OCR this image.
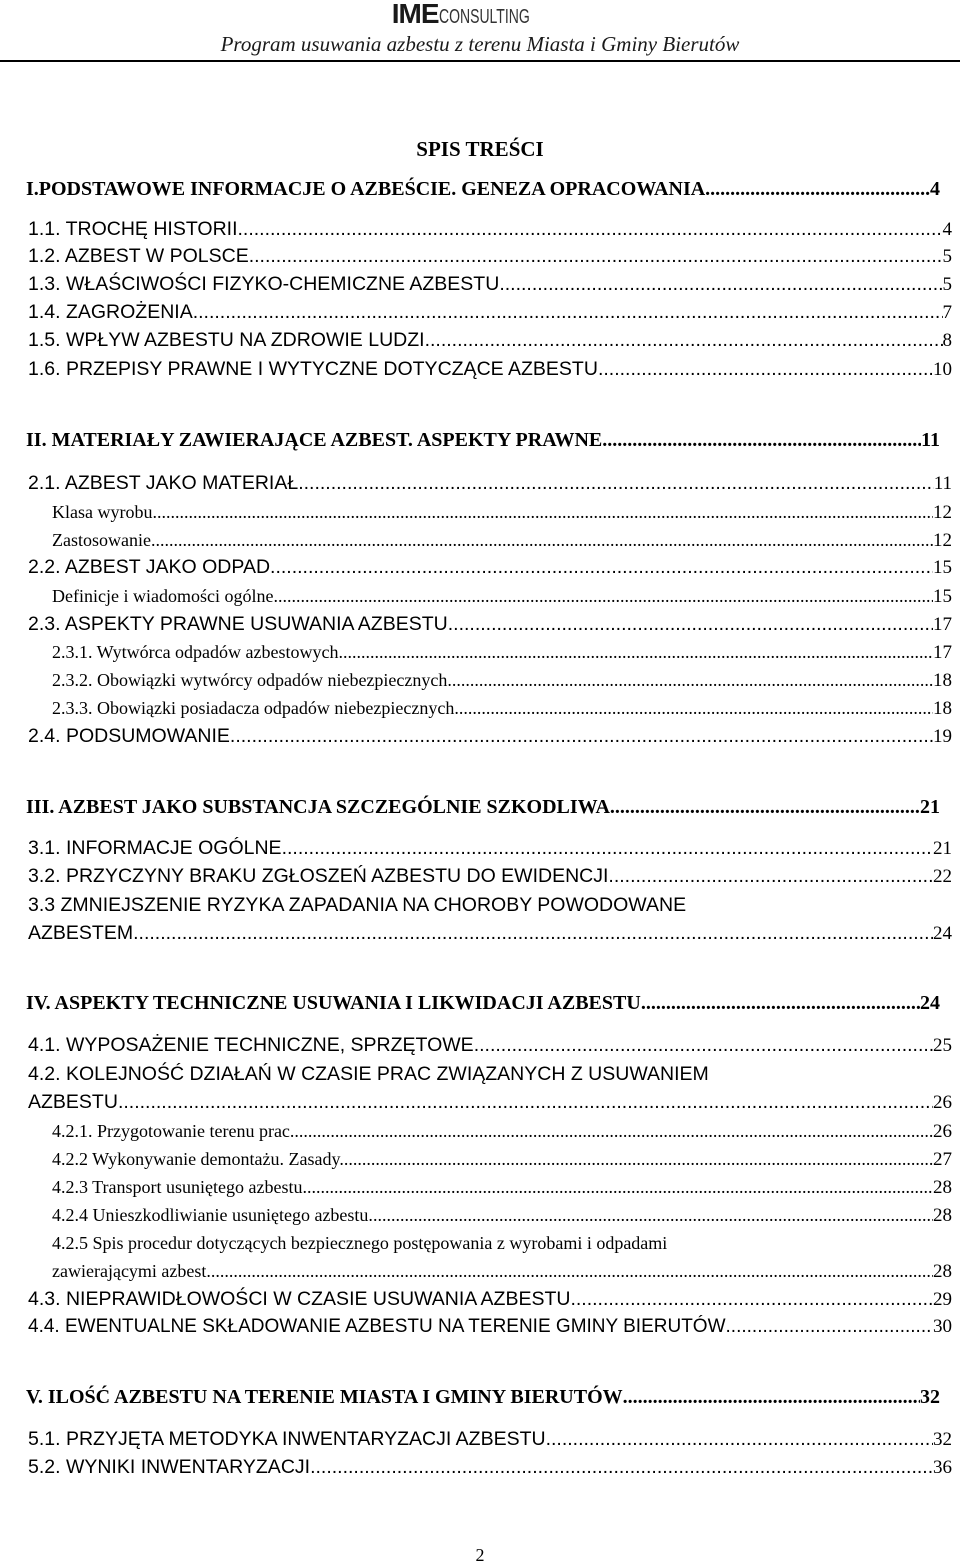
IMECONSULTING
Program usuwania azbestu z terenu Miasta i Gminy Bierutów
SPIS TREŚCI
I.PODSTAWOWE INFORMACJE O AZBEŚCIE. GENEZA OPRACOWANIA. .....	4
1.1. TROCHĘ HISTORII .....	4
1.2. AZBEST W POLSCE .....	5
1.3. WŁAŚCIWOŚCI FIZYKO-CHEMICZNE AZBESTU .....	5
1.4. ZAGROŻENIA .....	7
1.5. WPŁYW AZBESTU NA ZDROWIE LUDZI .....	8
1.6. PRZEPISY PRAWNE I WYTYCZNE DOTYCZĄCE AZBESTU .....	10
II. MATERIAŁY ZAWIERAJĄCE AZBEST. ASPEKTY PRAWNE. .....	11
2.1. AZBEST JAKO MATERIAŁ .....	11
Klasa wyrobu .....	12
Zastosowanie .....	12
2.2. AZBEST JAKO ODPAD .....	15
Definicje i wiadomości ogólne. .....	15
2.3. ASPEKTY PRAWNE USUWANIA AZBESTU .....	17
2.3.1. Wytwórca odpadów azbestowych. .....	17
2.3.2. Obowiązki wytwórcy odpadów niebezpiecznych. .....	18
2.3.3. Obowiązki posiadacza odpadów niebezpiecznych. .....	18
2.4. PODSUMOWANIE .....	19
III. AZBEST JAKO SUBSTANCJA SZCZEGÓLNIE SZKODLIWA .....	21
3.1. INFORMACJE OGÓLNE .....	21
3.2. PRZYCZYNY BRAKU ZGŁOSZEŃ AZBESTU DO EWIDENCJI .....	22
3.3 ZMNIEJSZENIE RYZYKA ZAPADANIA NA CHOROBY POWODOWANE
AZBESTEM .....	24
IV. ASPEKTY TECHNICZNE USUWANIA I LIKWIDACJI AZBESTU .....	24
4.1. WYPOSAŻENIE TECHNICZNE, SPRZĘTOWE .....	25
4.2. KOLEJNOŚĆ DZIAŁAŃ W CZASIE PRAC ZWIĄZANYCH Z USUWANIEM
AZBESTU .....	26
4.2.1. Przygotowanie terenu prac. .....	26
4.2.2 Wykonywanie demontażu. Zasady. .....	27
4.2.3 Transport usuniętego azbestu. .....	28
4.2.4 Unieszkodliwianie usuniętego azbestu. .....	28
4.2.5 Spis procedur dotyczących bezpiecznego postępowania z wyrobami i odpadami
zawierającymi azbest .....	28
4.3. NIEPRAWIDŁOWOŚCI W CZASIE USUWANIA AZBESTU .....	29
4.4. EWENTUALNE SKŁADOWANIE AZBESTU NA TERENIE GMINY BIERUTÓW .....	30
V. ILOŚĆ AZBESTU NA TERENIE MIASTA I GMINY BIERUTÓW .....	32
5.1. PRZYJĘTA METODYKA INWENTARYZACJI AZBESTU .....	32
5.2. WYNIKI INWENTARYZACJI .....	36
2
